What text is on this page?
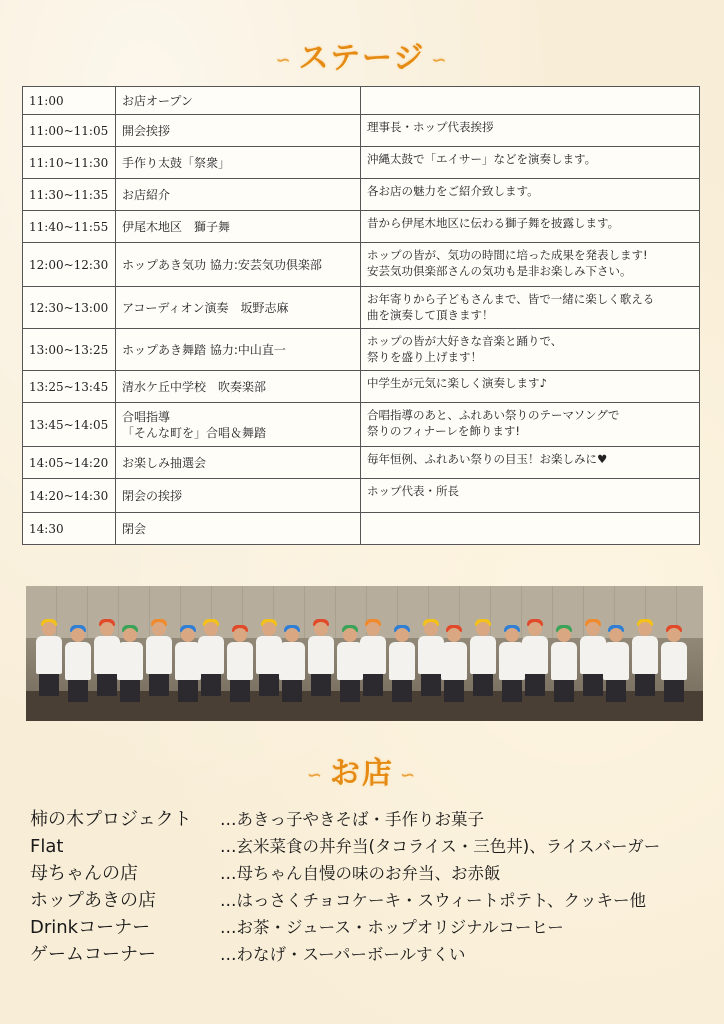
∽ ステージ ∽
11:00	お店オープン	
11:00~11:05	開会挨拶	理事長・ホップ代表挨拶
11:10~11:30	手作り太鼓「祭衆」	沖縄太鼓で「エイサー」などを演奏します。
11:30~11:35	お店紹介	各お店の魅力をご紹介致します。
11:40~11:55	伊尾木地区　獅子舞	昔から伊尾木地区に伝わる獅子舞を披露します。
12:00~12:30	ホップあき気功 協力:安芸気功倶楽部	ホップの皆が、気功の時間に培った成果を発表します!
安芸気功倶楽部さんの気功も是非お楽しみ下さい。
12:30~13:00	アコーディオン演奏　坂野志麻	お年寄りから子どもさんまで、皆で一緒に楽しく歌える
曲を演奏して頂きます！
13:00~13:25	ホップあき舞踏 協力:中山直一	ホップの皆が大好きな音楽と踊りで、
祭りを盛り上げます！
13:25~13:45	清水ケ丘中学校　吹奏楽部	中学生が元気に楽しく演奏します♪
13:45~14:05	合唱指導
「そんな町を」合唱＆舞踏	合唱指導のあと、ふれあい祭りのテーマソングで
祭りのフィナーレを飾ります!
14:05~14:20	お楽しみ抽選会	毎年恒例、ふれあい祭りの目玉！お楽しみに♥
14:20~14:30	閉会の挨拶	ホップ代表・所長
14:30	閉会	
∽ お店 ∽
柿の木プロジェクト	…あきっ子やきそば・手作りお菓子
Flat	…玄米菜食の丼弁当(タコライス・三色丼)、ライスバーガー
母ちゃんの店	…母ちゃん自慢の味のお弁当、お赤飯
ホップあきの店	…はっさくチョコケーキ・スウィートポテト、クッキー他
Drinkコーナー	…お茶・ジュース・ホップオリジナルコーヒー
ゲームコーナー	…わなげ・スーパーボールすくい
